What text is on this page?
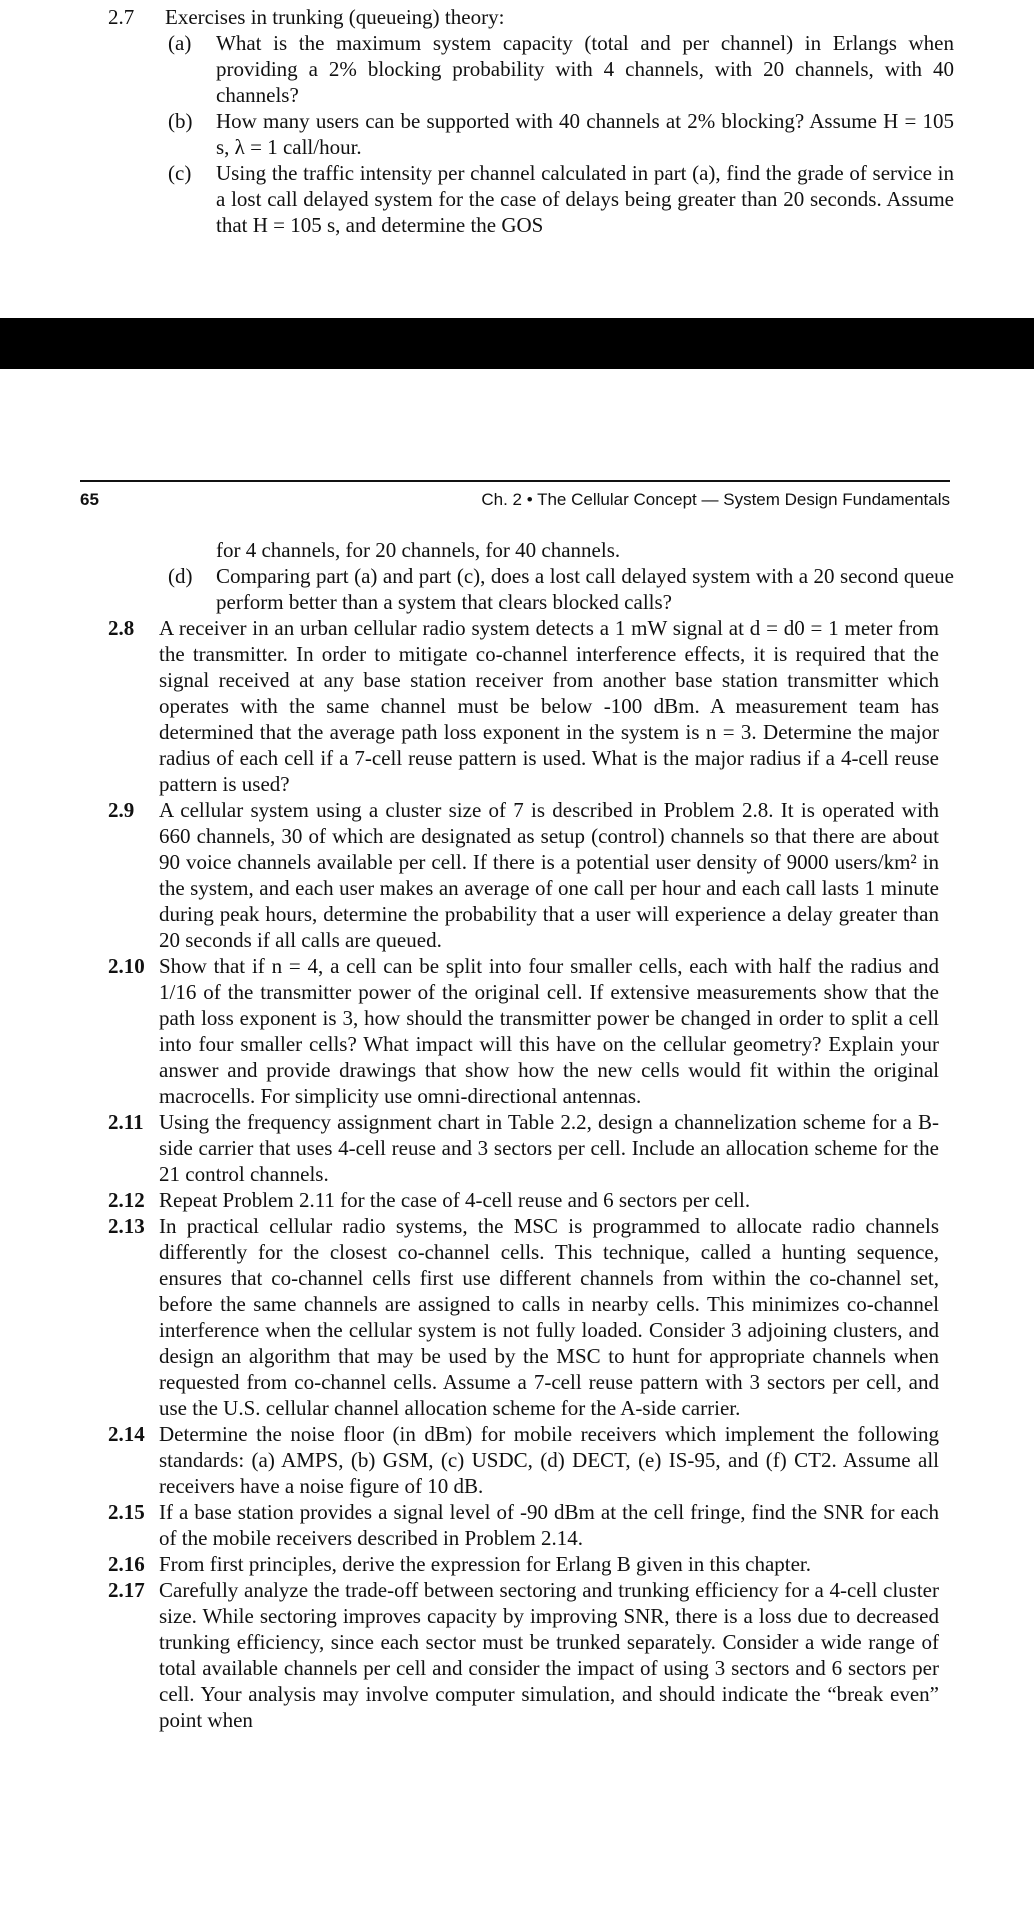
2.7 Exercises in trunking (queueing) theory:
(a) What is the maximum system capacity (total and per channel) in Erlangs when providing a 2% blocking probability with 4 channels, with 20 channels, with 40 channels?
(b) How many users can be supported with 40 channels at 2% blocking? Assume H = 105 s, λ = 1 call/hour.
(c) Using the traffic intensity per channel calculated in part (a), find the grade of service in a lost call delayed system for the case of delays being greater than 20 seconds. Assume that H = 105 s, and determine the GOS
65	Ch. 2 • The Cellular Concept — System Design Fundamentals
for 4 channels, for 20 channels, for 40 channels.
(d) Comparing part (a) and part (c), does a lost call delayed system with a 20 second queue perform better than a system that clears blocked calls?
2.8 A receiver in an urban cellular radio system detects a 1 mW signal at d = d0 = 1 meter from the transmitter. In order to mitigate co-channel interference effects, it is required that the signal received at any base station receiver from another base station transmitter which operates with the same channel must be below -100 dBm. A measurement team has determined that the average path loss exponent in the system is n = 3. Determine the major radius of each cell if a 7-cell reuse pattern is used. What is the major radius if a 4-cell reuse pattern is used?
2.9 A cellular system using a cluster size of 7 is described in Problem 2.8. It is operated with 660 channels, 30 of which are designated as setup (control) channels so that there are about 90 voice channels available per cell. If there is a potential user density of 9000 users/km² in the system, and each user makes an average of one call per hour and each call lasts 1 minute during peak hours, determine the probability that a user will experience a delay greater than 20 seconds if all calls are queued.
2.10 Show that if n = 4, a cell can be split into four smaller cells, each with half the radius and 1/16 of the transmitter power of the original cell. If extensive measurements show that the path loss exponent is 3, how should the transmitter power be changed in order to split a cell into four smaller cells? What impact will this have on the cellular geometry? Explain your answer and provide drawings that show how the new cells would fit within the original macrocells. For simplicity use omni-directional antennas.
2.11 Using the frequency assignment chart in Table 2.2, design a channelization scheme for a B-side carrier that uses 4-cell reuse and 3 sectors per cell. Include an allocation scheme for the 21 control channels.
2.12 Repeat Problem 2.11 for the case of 4-cell reuse and 6 sectors per cell.
2.13 In practical cellular radio systems, the MSC is programmed to allocate radio channels differently for the closest co-channel cells. This technique, called a hunting sequence, ensures that co-channel cells first use different channels from within the co-channel set, before the same channels are assigned to calls in nearby cells. This minimizes co-channel interference when the cellular system is not fully loaded. Consider 3 adjoining clusters, and design an algorithm that may be used by the MSC to hunt for appropriate channels when requested from co-channel cells. Assume a 7-cell reuse pattern with 3 sectors per cell, and use the U.S. cellular channel allocation scheme for the A-side carrier.
2.14 Determine the noise floor (in dBm) for mobile receivers which implement the following standards: (a) AMPS, (b) GSM, (c) USDC, (d) DECT, (e) IS-95, and (f) CT2. Assume all receivers have a noise figure of 10 dB.
2.15 If a base station provides a signal level of -90 dBm at the cell fringe, find the SNR for each of the mobile receivers described in Problem 2.14.
2.16 From first principles, derive the expression for Erlang B given in this chapter.
2.17 Carefully analyze the trade-off between sectoring and trunking efficiency for a 4-cell cluster size. While sectoring improves capacity by improving SNR, there is a loss due to decreased trunking efficiency, since each sector must be trunked separately. Consider a wide range of total available channels per cell and consider the impact of using 3 sectors and 6 sectors per cell. Your analysis may involve computer simulation, and should indicate the “break even” point when
